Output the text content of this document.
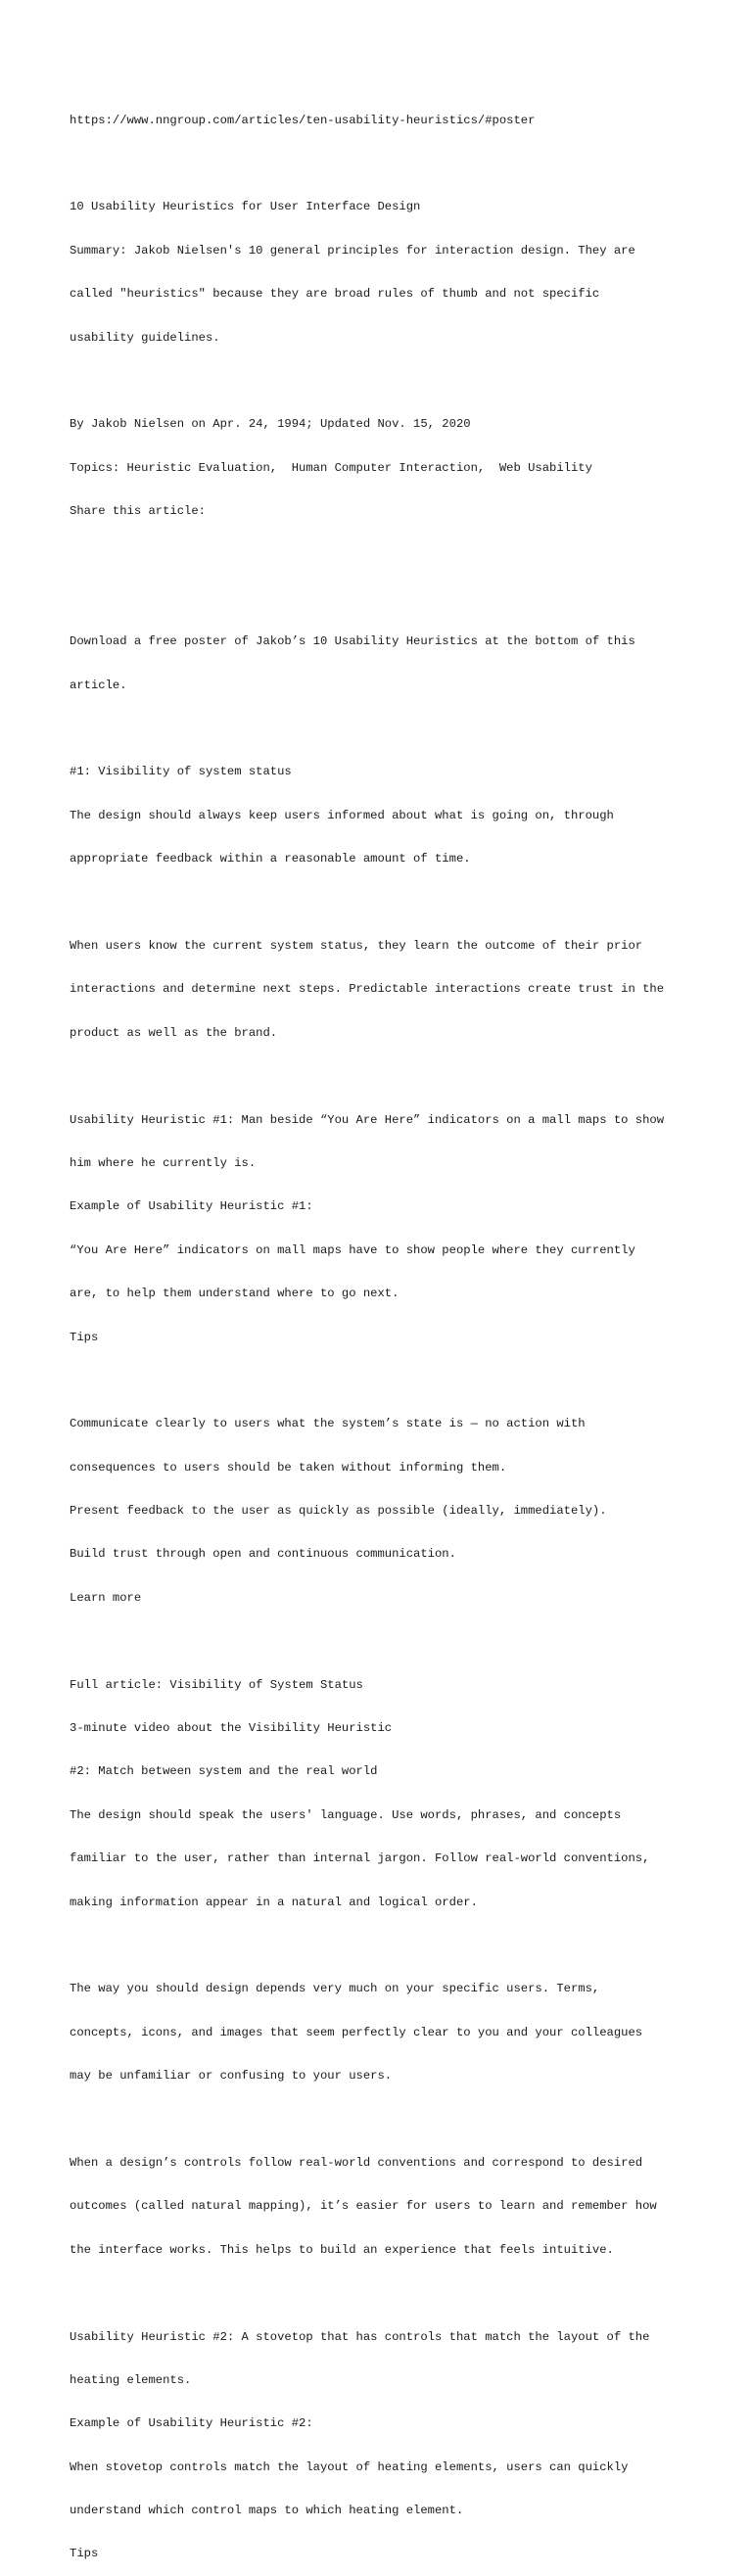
https://www.nngroup.com/articles/ten-usability-heuristics/#poster

10 Usability Heuristics for User Interface Design

Summary: Jakob Nielsen's 10 general principles for interaction design. They are

called "heuristics" because they are broad rules of thumb and not specific

usability guidelines.

By Jakob Nielsen on Apr. 24, 1994; Updated Nov. 15, 2020

Topics: Heuristic Evaluation,  Human Computer Interaction,  Web Usability

Share this article:

Download a free poster of Jakob’s 10 Usability Heuristics at the bottom of this

article.

#1: Visibility of system status

The design should always keep users informed about what is going on, through

appropriate feedback within a reasonable amount of time.

When users know the current system status, they learn the outcome of their prior

interactions and determine next steps. Predictable interactions create trust in the

product as well as the brand.

Usability Heuristic #1: Man beside “You Are Here” indicators on a mall maps to show

him where he currently is.

Example of Usability Heuristic #1:

“You Are Here” indicators on mall maps have to show people where they currently

are, to help them understand where to go next.

Tips

Communicate clearly to users what the system’s state is — no action with

consequences to users should be taken without informing them.

Present feedback to the user as quickly as possible (ideally, immediately).

Build trust through open and continuous communication.

Learn more

Full article: Visibility of System Status

3-minute video about the Visibility Heuristic

#2: Match between system and the real world

The design should speak the users' language. Use words, phrases, and concepts

familiar to the user, rather than internal jargon. Follow real-world conventions,

making information appear in a natural and logical order.

The way you should design depends very much on your specific users. Terms,

concepts, icons, and images that seem perfectly clear to you and your colleagues

may be unfamiliar or confusing to your users.

When a design’s controls follow real-world conventions and correspond to desired

outcomes (called natural mapping), it’s easier for users to learn and remember how

the interface works. This helps to build an experience that feels intuitive.

Usability Heuristic #2: A stovetop that has controls that match the layout of the

heating elements.

Example of Usability Heuristic #2:

When stovetop controls match the layout of heating elements, users can quickly

understand which control maps to which heating element.

Tips
